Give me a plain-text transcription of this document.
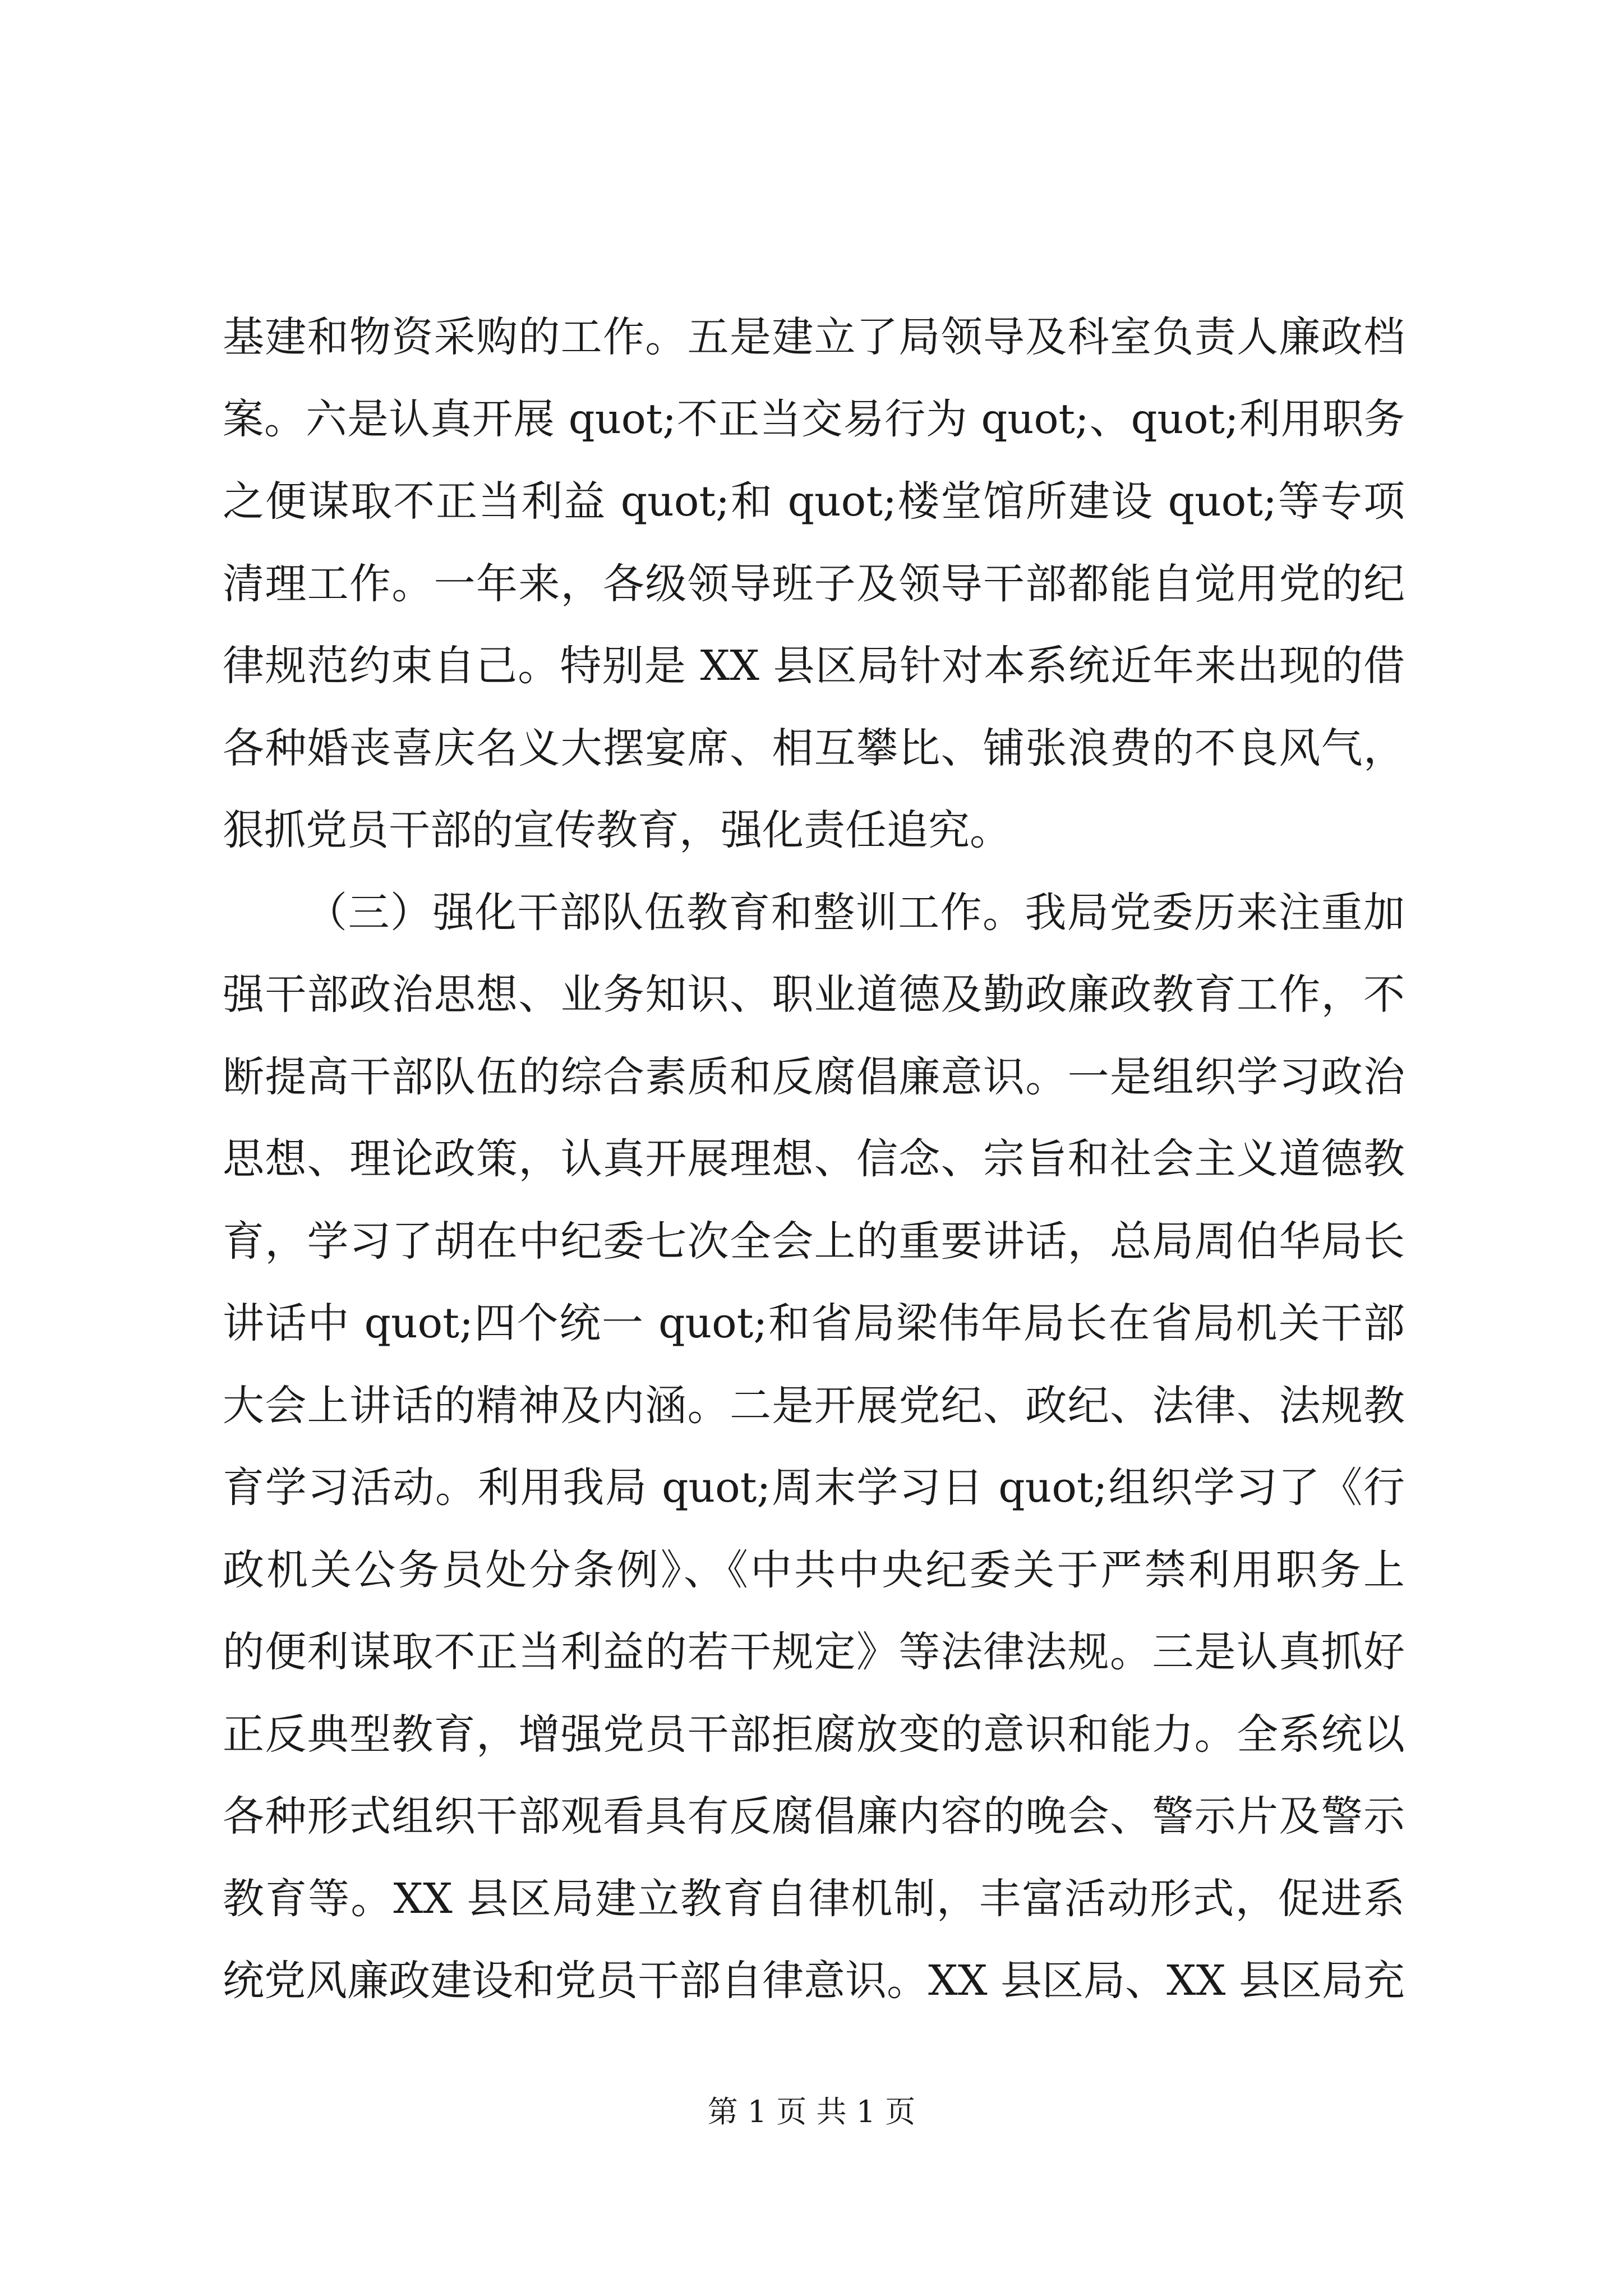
基建和物资采购的工作。五是建立了局领导及科室负责人廉政档
案。六是认真开展 quot;不正当交易行为 quot;、quot;利用职务
之便谋取不正当利益 quot;和 quot;楼堂馆所建设 quot;等专项
清理工作。一年来，各级领导班子及领导干部都能自觉用党的纪
律规范约束自己。特别是 XX 县区局针对本系统近年来出现的借
各种婚丧喜庆名义大摆宴席、相互攀比、铺张浪费的不良风气，
狠抓党员干部的宣传教育，强化责任追究。
（三）强化干部队伍教育和整训工作。我局党委历来注重加
强干部政治思想、业务知识、职业道德及勤政廉政教育工作，不
断提高干部队伍的综合素质和反腐倡廉意识。一是组织学习政治
思想、理论政策，认真开展理想、信念、宗旨和社会主义道德教
育，学习了胡在中纪委七次全会上的重要讲话，总局周伯华局长
讲话中 quot;四个统一 quot;和省局梁伟年局长在省局机关干部
大会上讲话的精神及内涵。二是开展党纪、政纪、法律、法规教
育学习活动。利用我局 quot;周末学习日 quot;组织学习了《行
政机关公务员处分条例》、《中共中央纪委关于严禁利用职务上
的便利谋取不正当利益的若干规定》等法律法规。三是认真抓好
正反典型教育，增强党员干部拒腐放变的意识和能力。全系统以
各种形式组织干部观看具有反腐倡廉内容的晚会、警示片及警示
教育等。XX 县区局建立教育自律机制，丰富活动形式，促进系
统党风廉政建设和党员干部自律意识。XX 县区局、XX 县区局充
第 1 页 共 1 页
